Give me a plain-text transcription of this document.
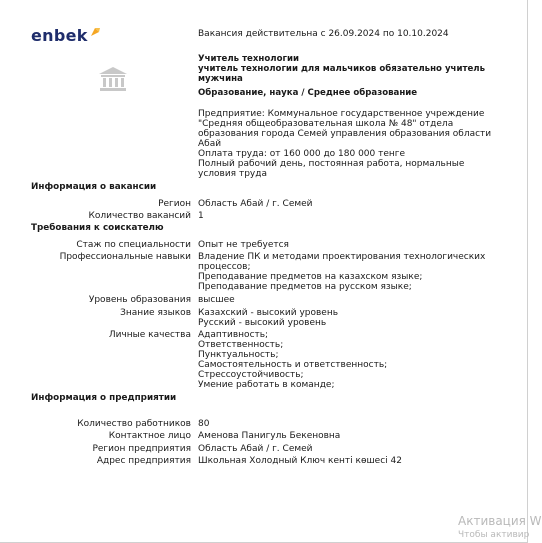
enbek	Вакансия действительна с 26.09.2024 по 10.10.2024
Учитель технологии
учитель технологии для мальчиков обязательно учитель мужчина
Образование, наука / Среднее образование
Предприятие: Коммунальное государственное учреждение "Средняя общеобразовательная школа № 48" отдела образования города Семей управления образования области Абай
Оплата труда: от 160 000 до 180 000 тенге
Полный рабочий день, постоянная работа, нормальные условия труда
Информация о вакансии
Регион Область Абай / г. Семей
Количество вакансий 1
Требования к соискателю
Стаж по специальности Опыт не требуется
Профессиональные навыки Владение ПК и методами проектирования технологических процессов;
Преподавание предметов на казахском языке;
Преподавание предметов на русском языке;
Уровень образования высшее
Знание языков Казахский - высокий уровень
Русский - высокий уровень
Личные качества Адаптивность;
Ответственность;
Пунктуальность;
Самостоятельность и ответственность;
Стрессоустойчивость;
Умение работать в команде;
Информация о предприятии
Количество работников 80
Контактное лицо Аменова Панигуль Бекеновна
Регион предприятия Область Абай / г. Семей
Адрес предприятия Школьная Холодный Ключ кенті көшесі 42
Активация W
Чтобы активир
